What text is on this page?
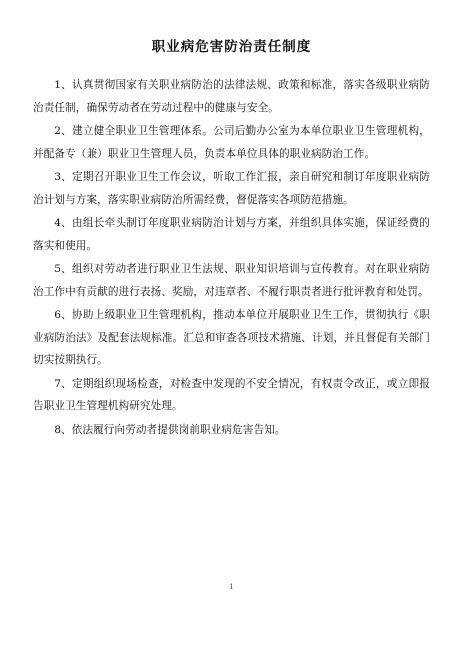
职业病危害防治责任制度

1、认真贯彻国家有关职业病防治的法律法规、政策和标准，落实各级职业病防治责任制，确保劳动者在劳动过程中的健康与安全。

2、建立健全职业卫生管理体系。公司后勤办公室为本单位职业卫生管理机构，并配备专（兼）职业卫生管理人员，负责本单位具体的职业病防治工作。

3、定期召开职业卫生工作会议，听取工作汇报，亲自研究和制订年度职业病防治计划与方案，落实职业病防治所需经费，督促落实各项防范措施。

4、由组长牵头制订年度职业病防治计划与方案，并组织具体实施，保证经费的落实和使用。

5、组织对劳动者进行职业卫生法规、职业知识培训与宣传教育。对在职业病防治工作中有贡献的进行表扬、奖励，对违章者、不履行职责者进行批评教育和处罚。

6、协助上级职业卫生管理机构，推动本单位开展职业卫生工作，贯彻执行《职业病防治法》及配套法规标准。汇总和审查各项技术措施、计划，并且督促有关部门切实按期执行。

7、定期组织现场检查，对检查中发现的不安全情况，有权责令改正，或立即报告职业卫生管理机构研究处理。

8、依法履行向劳动者提供岗前职业病危害告知。

1
